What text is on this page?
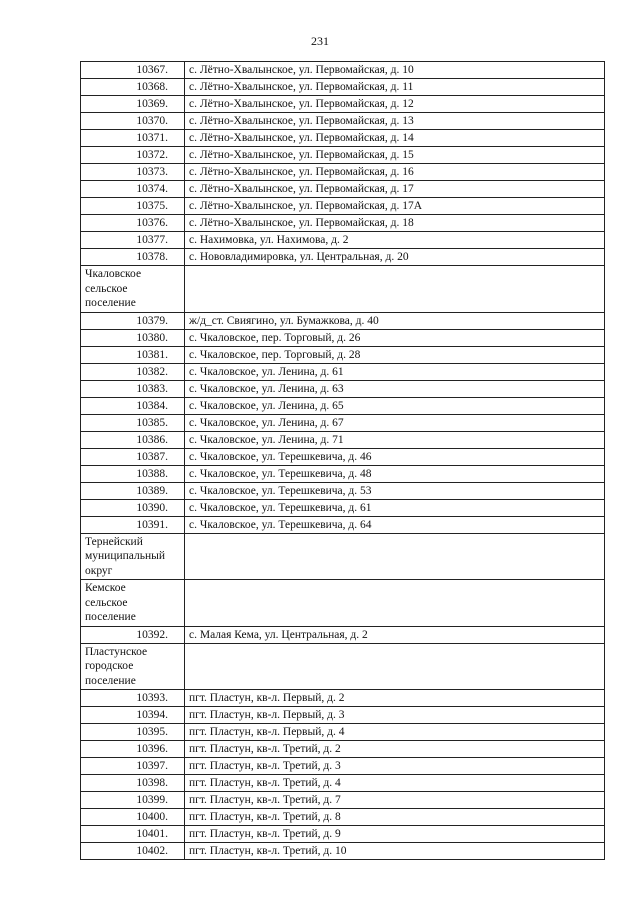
231
10367.	с. Лётно-Хвалынское, ул. Первомайская, д. 10
10368.	с. Лётно-Хвалынское, ул. Первомайская, д. 11
10369.	с. Лётно-Хвалынское, ул. Первомайская, д. 12
10370.	с. Лётно-Хвалынское, ул. Первомайская, д. 13
10371.	с. Лётно-Хвалынское, ул. Первомайская, д. 14
10372.	с. Лётно-Хвалынское, ул. Первомайская, д. 15
10373.	с. Лётно-Хвалынское, ул. Первомайская, д. 16
10374.	с. Лётно-Хвалынское, ул. Первомайская, д. 17
10375.	с. Лётно-Хвалынское, ул. Первомайская, д. 17А
10376.	с. Лётно-Хвалынское, ул. Первомайская, д. 18
10377.	с. Нахимовка, ул. Нахимова, д. 2
10378.	с. Нововладимировка, ул. Центральная, д. 20
Чкаловское
сельское
поселение	
10379.	ж/д_ст. Свиягино, ул. Бумажкова, д. 40
10380.	с. Чкаловское, пер. Торговый, д. 26
10381.	с. Чкаловское, пер. Торговый, д. 28
10382.	с. Чкаловское, ул. Ленина, д. 61
10383.	с. Чкаловское, ул. Ленина, д. 63
10384.	с. Чкаловское, ул. Ленина, д. 65
10385.	с. Чкаловское, ул. Ленина, д. 67
10386.	с. Чкаловское, ул. Ленина, д. 71
10387.	с. Чкаловское, ул. Терешкевича, д. 46
10388.	с. Чкаловское, ул. Терешкевича, д. 48
10389.	с. Чкаловское, ул. Терешкевича, д. 53
10390.	с. Чкаловское, ул. Терешкевича, д. 61
10391.	с. Чкаловское, ул. Терешкевича, д. 64
Тернейский
муниципальный
округ	
Кемское
сельское
поселение	
10392.	с. Малая Кема, ул. Центральная, д. 2
Пластунское
городское
поселение	
10393.	пгт. Пластун, кв-л. Первый, д. 2
10394.	пгт. Пластун, кв-л. Первый, д. 3
10395.	пгт. Пластун, кв-л. Первый, д. 4
10396.	пгт. Пластун, кв-л. Третий, д. 2
10397.	пгт. Пластун, кв-л. Третий, д. 3
10398.	пгт. Пластун, кв-л. Третий, д. 4
10399.	пгт. Пластун, кв-л. Третий, д. 7
10400.	пгт. Пластун, кв-л. Третий, д. 8
10401.	пгт. Пластун, кв-л. Третий, д. 9
10402.	пгт. Пластун, кв-л. Третий, д. 10
